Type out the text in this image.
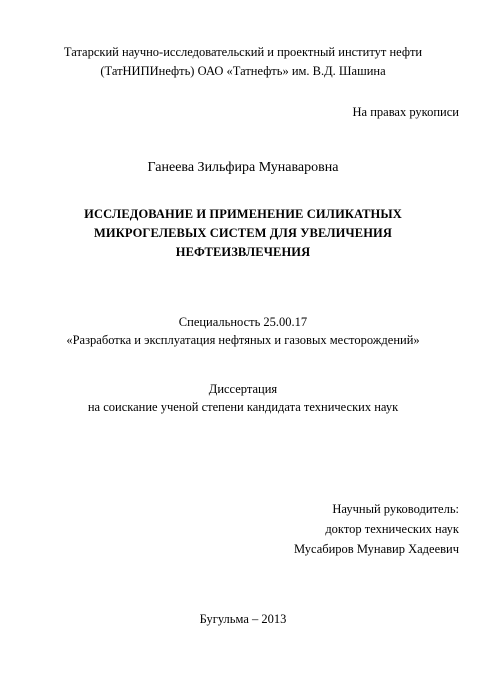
Татарский научно-исследовательский и проектный институт нефти
(ТатНИПИнефть) ОАО «Татнефть» им. В.Д. Шашина
На правах рукописи
Ганеева Зильфира Мунаваровна
ИССЛЕДОВАНИЕ И ПРИМЕНЕНИЕ СИЛИКАТНЫХ
МИКРОГЕЛЕВЫХ СИСТЕМ ДЛЯ УВЕЛИЧЕНИЯ
НЕФТЕИЗВЛЕЧЕНИЯ
Специальность 25.00.17
«Разработка и эксплуатация нефтяных и газовых месторождений»
Диссертация
на соискание ученой степени кандидата технических наук
Научный руководитель:
доктор технических наук
Мусабиров Мунавир Хадеевич
Бугульма – 2013
